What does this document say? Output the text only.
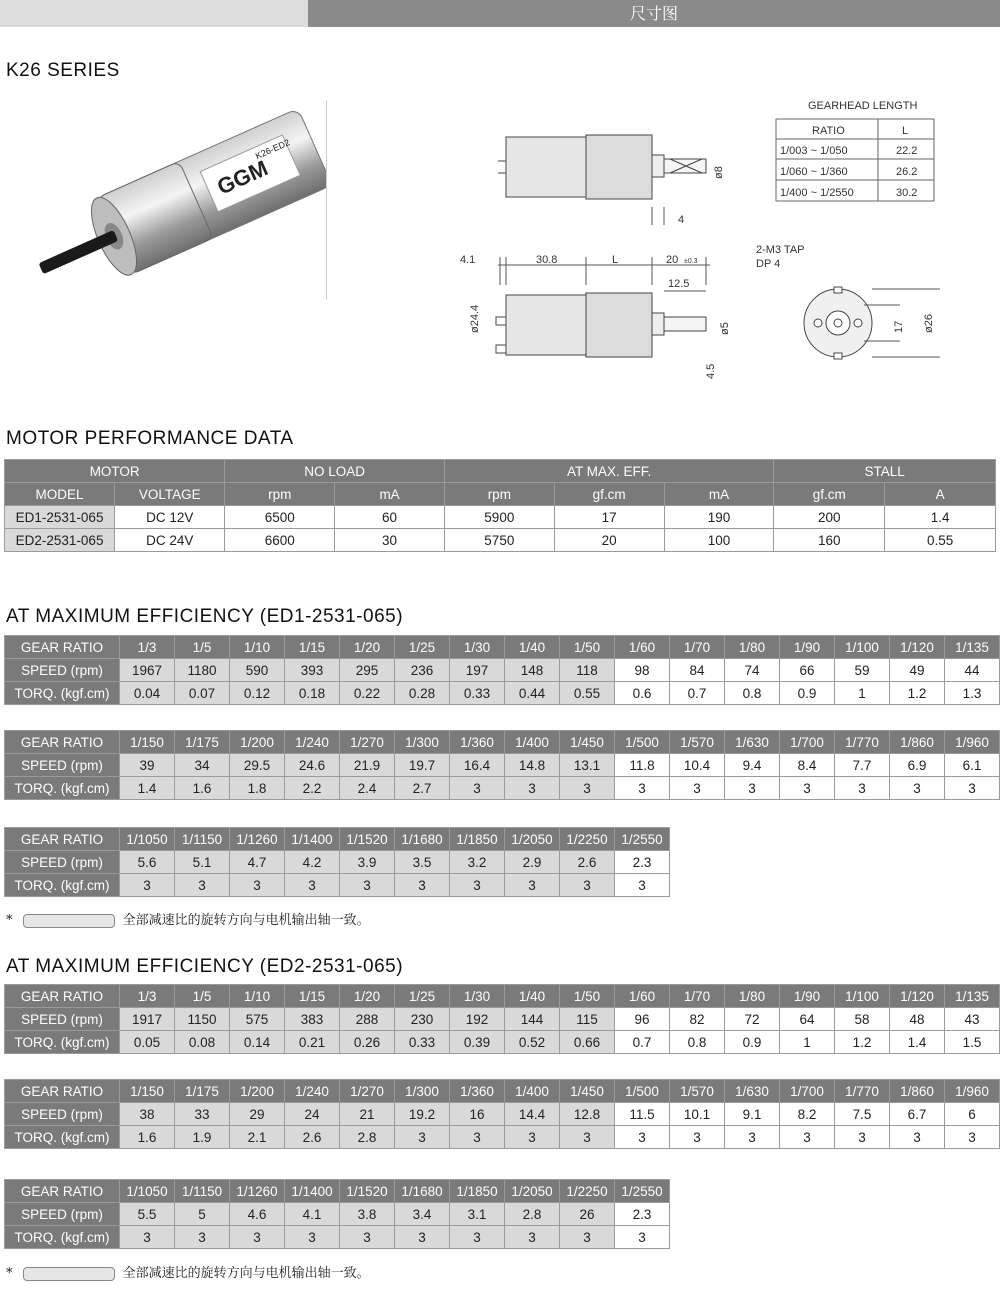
尺寸图
K26 SERIES
GGM
K26-ED2
ø8
4
GEARHEAD LENGTH
RATIO	L
1/003 ~ 1/050	22.2
1/060 ~ 1/360	26.2
1/400 ~ 1/2550	30.2
4.1	30.8	L	20 ±0.3
12.5
ø24.4	ø5
4.5
2-M3 TAP
DP 4
17 ø26
MOTOR PERFORMANCE DATA
MOTOR		NO LOAD		AT MAX. EFF.			STALL	
MODEL	VOLTAGE	rpm	mA	rpm	gf.cm	mA	gf.cm	A
ED1-2531-065	DC 12V	6500	60	5900	17	190	200	1.4
ED2-2531-065	DC 24V	6600	30	5750	20	100	160	0.55
AT MAXIMUM EFFICIENCY (ED1-2531-065)
GEAR RATIO	1/3	1/5	1/10	1/15	1/20	1/25	1/30	1/40	1/50	1/60	1/70	1/80	1/90	1/100	1/120	1/135
SPEED (rpm)	1967	1180	590	393	295	236	197	148	118	98	84	74	66	59	49	44
TORQ. (kgf.cm)	0.04	0.07	0.12	0.18	0.22	0.28	0.33	0.44	0.55	0.6	0.7	0.8	0.9	1	1.2	1.3
GEAR RATIO	1/150	1/175	1/200	1/240	1/270	1/300	1/360	1/400	1/450	1/500	1/570	1/630	1/700	1/770	1/860	1/960
SPEED (rpm)	39	34	29.5	24.6	21.9	19.7	16.4	14.8	13.1	11.8	10.4	9.4	8.4	7.7	6.9	6.1
TORQ. (kgf.cm)	1.4	1.6	1.8	2.2	2.4	2.7	3	3	3	3	3	3	3	3	3	3
GEAR RATIO	1/1050	1/1150	1/1260	1/1400	1/1520	1/1680	1/1850	1/2050	1/2250	1/2550
SPEED (rpm)	5.6	5.1	4.7	4.2	3.9	3.5	3.2	2.9	2.6	2.3
TORQ. (kgf.cm)	3	3	3	3	3	3	3	3	3	3
*	全部减速比的旋转方向与电机输出轴一致。
AT MAXIMUM EFFICIENCY (ED2-2531-065)
GEAR RATIO	1/3	1/5	1/10	1/15	1/20	1/25	1/30	1/40	1/50	1/60	1/70	1/80	1/90	1/100	1/120	1/135
SPEED (rpm)	1917	1150	575	383	288	230	192	144	115	96	82	72	64	58	48	43
TORQ. (kgf.cm)	0.05	0.08	0.14	0.21	0.26	0.33	0.39	0.52	0.66	0.7	0.8	0.9	1	1.2	1.4	1.5
GEAR RATIO	1/150	1/175	1/200	1/240	1/270	1/300	1/360	1/400	1/450	1/500	1/570	1/630	1/700	1/770	1/860	1/960
SPEED (rpm)	38	33	29	24	21	19.2	16	14.4	12.8	11.5	10.1	9.1	8.2	7.5	6.7	6
TORQ. (kgf.cm)	1.6	1.9	2.1	2.6	2.8	3	3	3	3	3	3	3	3	3	3	3
GEAR RATIO	1/1050	1/1150	1/1260	1/1400	1/1520	1/1680	1/1850	1/2050	1/2250	1/2550
SPEED (rpm)	5.5	5	4.6	4.1	3.8	3.4	3.1	2.8	26	2.3
TORQ. (kgf.cm)	3	3	3	3	3	3	3	3	3	3
*	全部减速比的旋转方向与电机输出轴一致。
